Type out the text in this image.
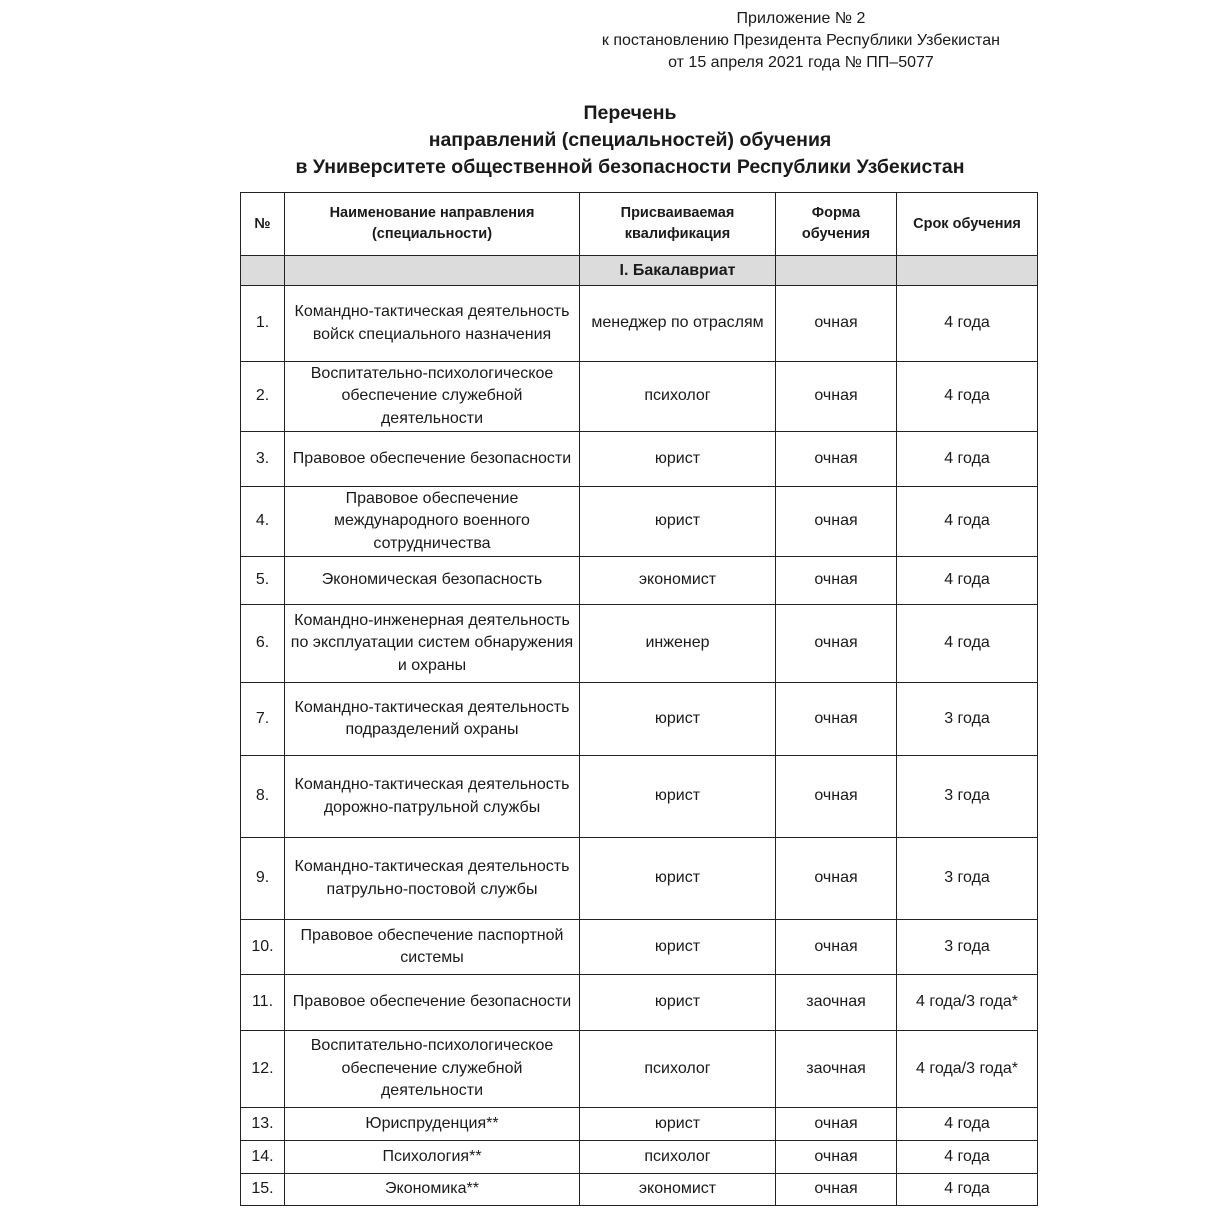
Приложение № 2
к постановлению Президента Республики Узбекистан
от 15 апреля 2021 года № ПП–5077
Перечень
направлений (специальностей) обучения
в Университете общественной безопасности Республики Узбекистан
№	Наименование направления (специальности)	Присваиваемая квалификация	Форма обучения	Срок обучения
		I. Бакалавриат		
1.	Командно-тактическая деятельность войск специального назначения	менеджер по отраслям	очная	4 года
2.	Воспитательно-психологическое обеспечение служебной деятельности	психолог	очная	4 года
3.	Правовое обеспечение безопасности	юрист	очная	4 года
4.	Правовое обеспечение международного военного сотрудничества	юрист	очная	4 года
5.	Экономическая безопасность	экономист	очная	4 года
6.	Командно-инженерная деятельность по эксплуатации систем обнаружения и охраны	инженер	очная	4 года
7.	Командно-тактическая деятельность подразделений охраны	юрист	очная	3 года
8.	Командно-тактическая деятельность дорожно-патрульной службы	юрист	очная	3 года
9.	Командно-тактическая деятельность патрульно-постовой службы	юрист	очная	3 года
10.	Правовое обеспечение паспортной системы	юрист	очная	3 года
11.	Правовое обеспечение безопасности	юрист	заочная	4 года/3 года*
12.	Воспитательно-психологическое обеспечение служебной деятельности	психолог	заочная	4 года/3 года*
13.	Юриспруденция**	юрист	очная	4 года
14.	Психология**	психолог	очная	4 года
15.	Экономика**	экономист	очная	4 года
